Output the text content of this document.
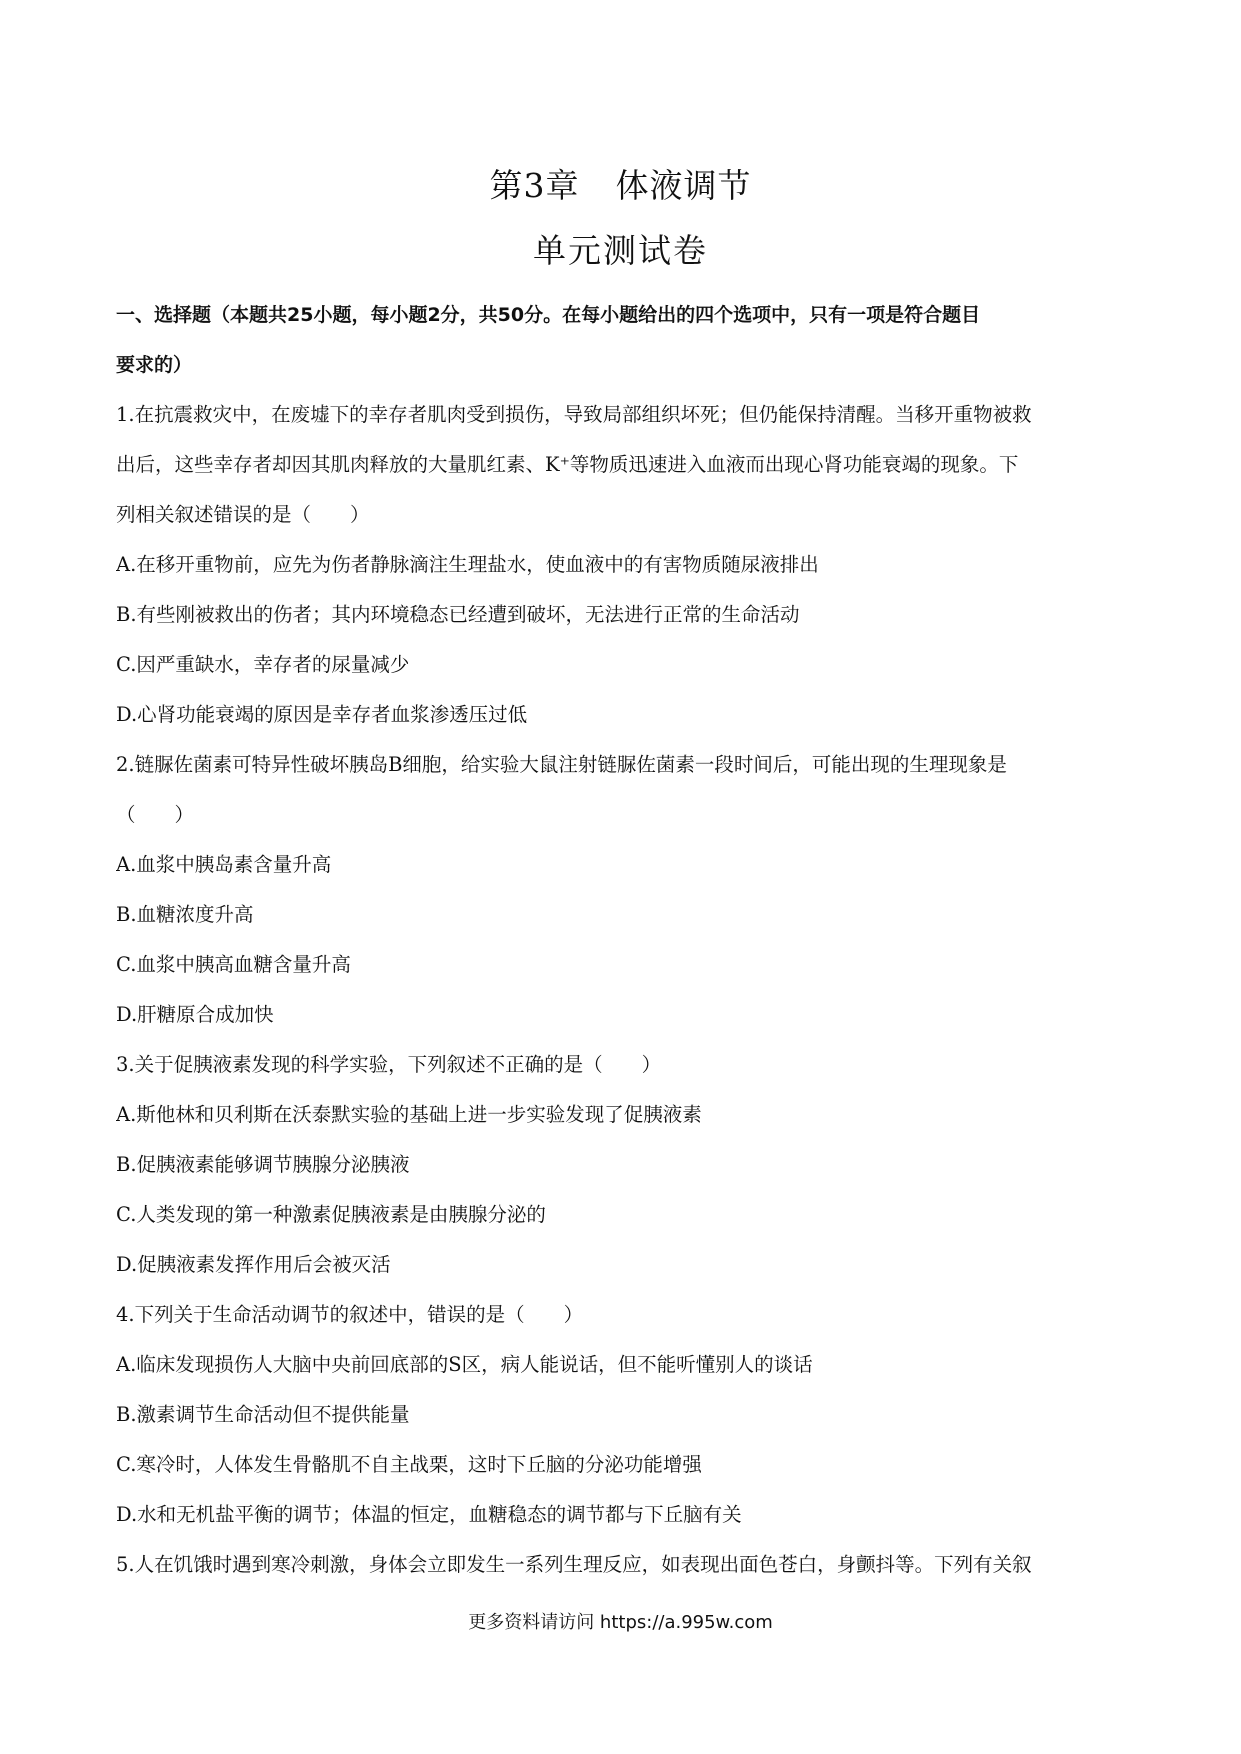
第3章 体液调节
单元测试卷

一、选择题（本题共25小题，每小题2分，共50分。在每小题给出的四个选项中，只有一项是符合题目

要求的）

1.在抗震救灾中，在废墟下的幸存者肌肉受到损伤，导致局部组织坏死；但仍能保持清醒。当移开重物被救

出后，这些幸存者却因其肌肉释放的大量肌红素、K⁺等物质迅速进入血液而出现心肾功能衰竭的现象。下

列相关叙述错误的是（　　）

A.在移开重物前，应先为伤者静脉滴注生理盐水，使血液中的有害物质随尿液排出

B.有些刚被救出的伤者；其内环境稳态已经遭到破坏，无法进行正常的生命活动

C.因严重缺水，幸存者的尿量减少

D.心肾功能衰竭的原因是幸存者血浆渗透压过低

2.链脲佐菌素可特异性破坏胰岛B细胞，给实验大鼠注射链脲佐菌素一段时间后，可能出现的生理现象是

（　　）

A.血浆中胰岛素含量升高

B.血糖浓度升高

C.血浆中胰高血糖含量升高

D.肝糖原合成加快

3.关于促胰液素发现的科学实验，下列叙述不正确的是（　　）

A.斯他林和贝利斯在沃泰默实验的基础上进一步实验发现了促胰液素

B.促胰液素能够调节胰腺分泌胰液

C.人类发现的第一种激素促胰液素是由胰腺分泌的

D.促胰液素发挥作用后会被灭活

4.下列关于生命活动调节的叙述中，错误的是（　　）

A.临床发现损伤人大脑中央前回底部的S区，病人能说话，但不能听懂别人的谈话

B.激素调节生命活动但不提供能量

C.寒冷时，人体发生骨骼肌不自主战栗，这时下丘脑的分泌功能增强

D.水和无机盐平衡的调节；体温的恒定，血糖稳态的调节都与下丘脑有关

5.人在饥饿时遇到寒冷刺激，身体会立即发生一系列生理反应，如表现出面色苍白，身颤抖等。下列有关叙

更多资料请访问 https://a.995w.com
